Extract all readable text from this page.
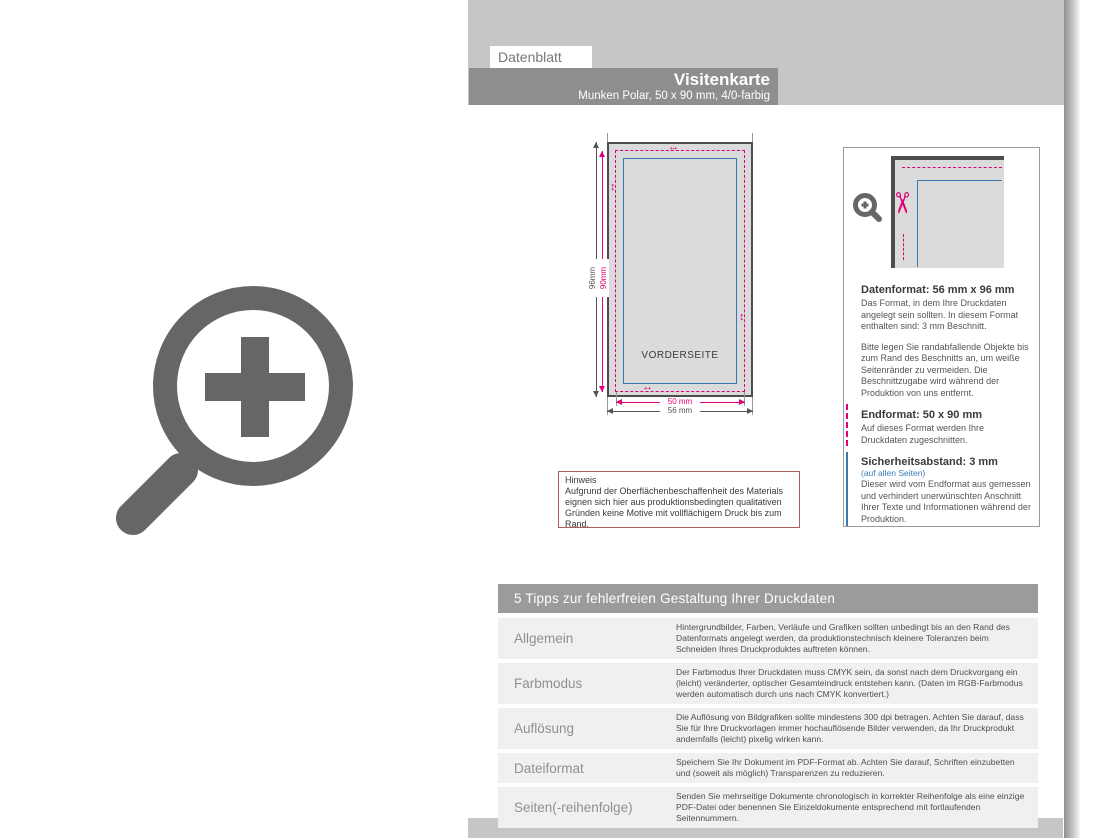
Datenblatt
Visitenkarte
Munken Polar, 50 x 90 mm, 4/0-farbig
VORDERSEITE
96mm 90mm
50 mm
56 mm
↔
↕
↕
↔
✂
Datenformat: 56 mm x 96 mm

Das Format, in dem Ihre Druckdaten angelegt sein sollten. In diesem Format enthalten sind: 3 mm Beschnitt.

Bitte legen Sie randabfallende Objekte bis zum Rand des Beschnitts an, um weiße Seitenränder zu vermeiden. Die Beschnittzugabe wird während der Produktion von uns entfernt.

Endformat: 50 x 90 mm

Auf dieses Format werden Ihre Druckdaten zugeschnitten.

Sicherheitsabstand: 3 mm
(auf allen Seiten)

Dieser wird vom Endformat aus gemessen und verhindert unerwünschten Anschnitt Ihrer Texte und Informationen während der Produktion.

Hinweis
Aufgrund der Oberflächenbeschaffenheit des Materials eignen sich hier aus produktionsbedingten qualitativen Gründen keine Motive mit vollflächigem Druck bis zum Rand.
5 Tipps zur fehlerfreien Gestaltung Ihrer Druckdaten
Allgemein
Hintergrundbilder, Farben, Verläufe und Grafiken sollten unbedingt bis an den Rand des Datenformats angelegt werden, da produktionstechnisch kleinere Toleranzen beim Schneiden Ihres Druckproduktes auftreten können.
Farbmodus
Der Farbmodus Ihrer Druckdaten muss CMYK sein, da sonst nach dem Druckvorgang ein (leicht) veränderter, optischer Gesamteindruck entstehen kann. (Daten im RGB-Farbmodus werden automatisch durch uns nach CMYK konvertiert.)
Auflösung
Die Auflösung von Bildgrafiken sollte mindestens 300 dpi betragen. Achten Sie darauf, dass Sie für Ihre Druckvorlagen immer hochauflösende Bilder verwenden, da Ihr Druckprodukt andernfalls (leicht) pixelig wirken kann.
Dateiformat	Speichern Sie Ihr Dokument im PDF-Format ab. Achten Sie darauf, Schriften einzubetten und (soweit als möglich) Transparenzen zu reduzieren.
Seiten(-reihenfolge)
Senden Sie mehrseitige Dokumente chronologisch in korrekter Reihenfolge als eine einzige PDF-Datei oder benennen Sie Einzeldokumente entsprechend mit fortlaufenden Seitennummern.
